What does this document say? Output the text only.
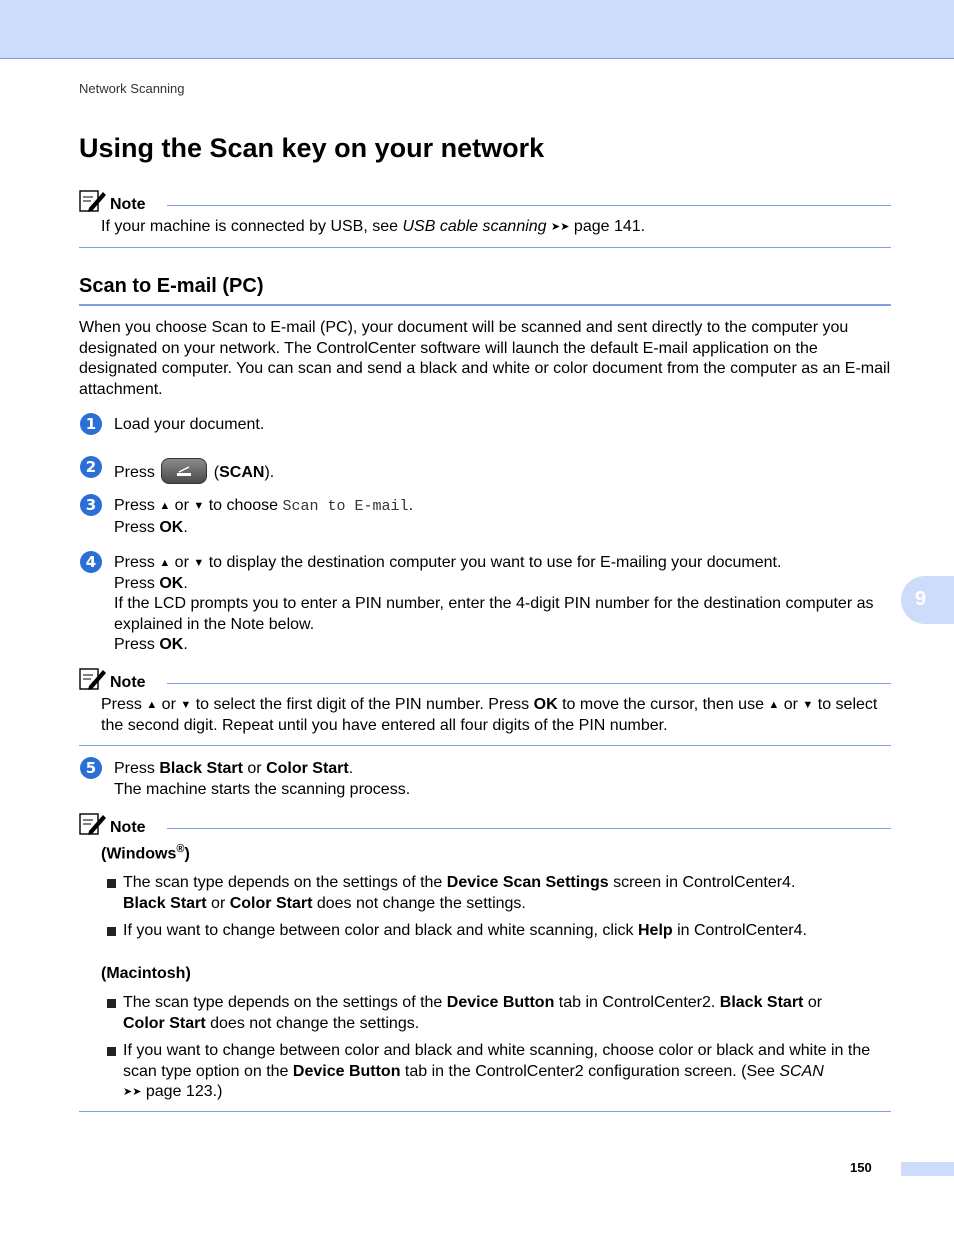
Network Scanning
Using the Scan key on your network
Note
If your machine is connected by USB, see USB cable scanning ➤➤ page 141.
Scan to E-mail (PC)
When you choose Scan to E-mail (PC), your document will be scanned and sent directly to the computer you designated on your network. The ControlCenter software will launch the default E-mail application on the designated computer. You can scan and send a black and white or color document from the computer as an E-mail attachment.
1	Load your document.
2	Press	(SCAN).
3	Press ▲ or ▼ to choose Scan to E-mail.
Press OK.
4	Press ▲ or ▼ to display the destination computer you want to use for E-mailing your document.
Press OK.
If the LCD prompts you to enter a PIN number, enter the 4-digit PIN number for the destination computer as explained in the Note below.
Press OK.
Note
Press ▲ or ▼ to select the first digit of the PIN number. Press OK to move the cursor, then use ▲ or ▼ to select the second digit. Repeat until you have entered all four digits of the PIN number.
5	Press Black Start or Color Start.
The machine starts the scanning process.
Note
(Windows®)
The scan type depends on the settings of the Device Scan Settings screen in ControlCenter4.
Black Start or Color Start does not change the settings.
If you want to change between color and black and white scanning, click Help in ControlCenter4.
(Macintosh)
The scan type depends on the settings of the Device Button tab in ControlCenter2. Black Start or
Color Start does not change the settings.
If you want to change between color and black and white scanning, choose color or black and white in the scan type option on the Device Button tab in the ControlCenter2 configuration screen. (See SCAN
➤➤ page 123.)
9
150
